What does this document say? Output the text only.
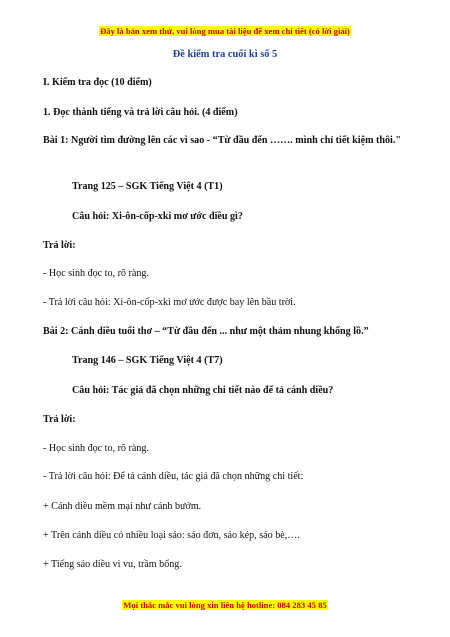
Đây là bản xem thử, vui lòng mua tài liệu để xem chi tiết (có lời giải)
Đề kiểm tra cuối kì số 5
I. Kiểm tra đọc (10 điểm)
1. Đọc thành tiếng và trả lời câu hỏi. (4 điểm)
Bài 1: Người tìm đường lên các vì sao - “Từ đầu đến ……. mình chỉ tiết kiệm thôi."
Trang 125 – SGK Tiếng Việt 4 (T1)
Câu hỏi: Xi-ôn-cốp-xki mơ ước điều gì?
Trả lời:
- Học sinh đọc to, rõ ràng.
- Trả lời câu hỏi: Xi-ôn-cốp-xki mơ ước được bay lên bầu trời.
Bài 2: Cánh diều tuổi thơ – “Từ đầu đến ... như một thảm nhung khổng lồ.”
Trang 146 – SGK Tiếng Việt 4 (T7)
Câu hỏi: Tác giả đã chọn những chi tiết nào để tả cánh diều?
Trả lời:
- Học sinh đọc to, rõ ràng.
- Trả lời câu hỏi: Để tả cánh diều, tác giả đã chọn những chi tiết:
+ Cánh diều mềm mại như cánh bướm.
+ Trên cánh diều có nhiều loại sáo: sáo đơn, sáo kép, sáo bè,….
+ Tiếng sáo diều vi vu, trầm bổng.
Mọi thắc mắc vui lòng xin liên hệ hotline: 084 283 45 85
